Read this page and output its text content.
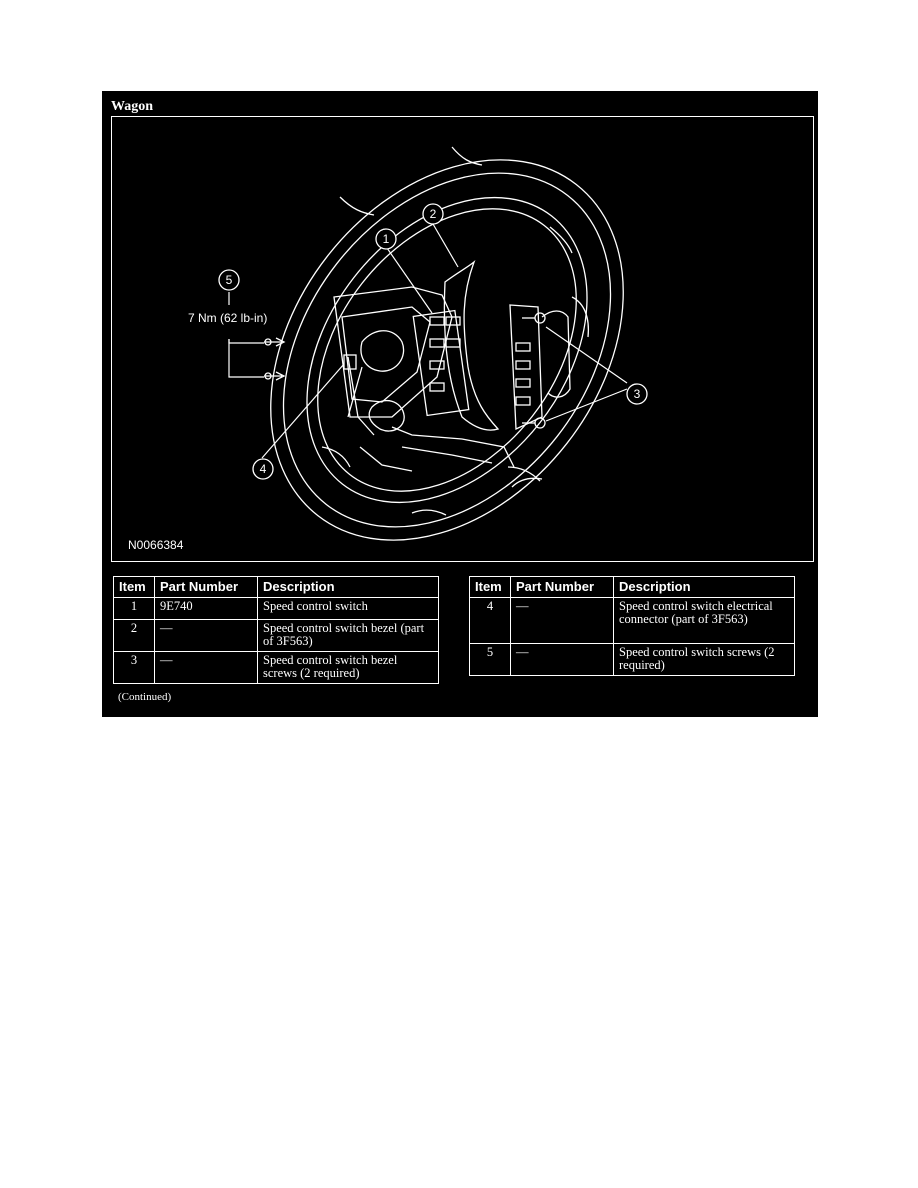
Wagon
1
2
3
4
5
7 Nm (62 lb-in)
N0066384
Item	Part Number	Description
1	9E740	Speed control switch
2	—	Speed control switch bezel (part of 3F563)
3	—	Speed control switch bezel screws (2 required)
Item	Part Number	Description
4	—	Speed control switch electrical connector (part of 3F563)
5	—	Speed control switch screws (2 required)
(Continued)
